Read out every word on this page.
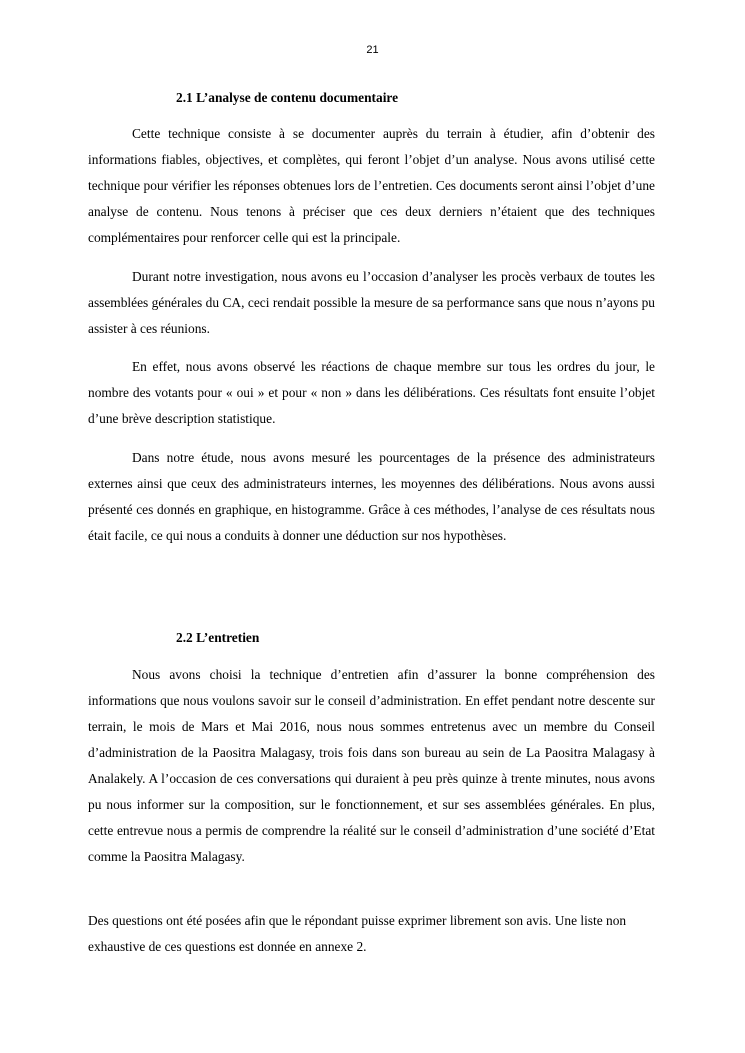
21
2.1 L’analyse de contenu documentaire

Cette technique consiste à se documenter auprès du terrain à étudier, afin d’obtenir des informations fiables, objectives, et complètes, qui feront l’objet d’un analyse. Nous avons utilisé cette technique pour vérifier les réponses obtenues lors de l’entretien. Ces documents seront ainsi l’objet d’une analyse de contenu. Nous tenons à préciser que ces deux derniers n’étaient que des techniques complémentaires pour renforcer celle qui est la principale.

Durant notre investigation, nous avons eu l’occasion d’analyser les procès verbaux de toutes les assemblées générales du CA, ceci rendait possible la mesure de sa performance sans que nous n’ayons pu assister à ces réunions.

En effet, nous avons observé les réactions de chaque membre sur tous les ordres du jour, le nombre des votants pour « oui » et pour « non » dans les délibérations. Ces résultats font ensuite l’objet d’une brève description statistique.

Dans notre étude, nous avons mesuré les pourcentages de la présence des administrateurs externes ainsi que ceux des administrateurs internes, les moyennes des délibérations. Nous avons aussi présenté ces donnés en graphique, en histogramme. Grâce à ces méthodes, l’analyse de ces résultats nous était facile, ce qui nous a conduits à donner une déduction sur nos hypothèses.

2.2 L’entretien

Nous avons choisi la technique d’entretien afin d’assurer la bonne compréhension des informations que nous voulons savoir sur le conseil d’administration. En effet pendant notre descente sur terrain, le mois de Mars et Mai 2016, nous nous sommes entretenus avec un membre du Conseil d’administration de la Paositra Malagasy, trois fois dans son bureau au sein de La Paositra Malagasy à Analakely. A l’occasion de ces conversations qui duraient à peu près quinze à trente minutes, nous avons pu nous informer sur la composition, sur le fonctionnement, et sur ses assemblées générales. En plus, cette entrevue nous a permis de comprendre la réalité sur le conseil d’administration d’une société d’Etat comme la Paositra Malagasy.

Des questions ont été posées afin que le répondant puisse exprimer librement son avis. Une liste non exhaustive de ces questions est donnée en annexe 2.
